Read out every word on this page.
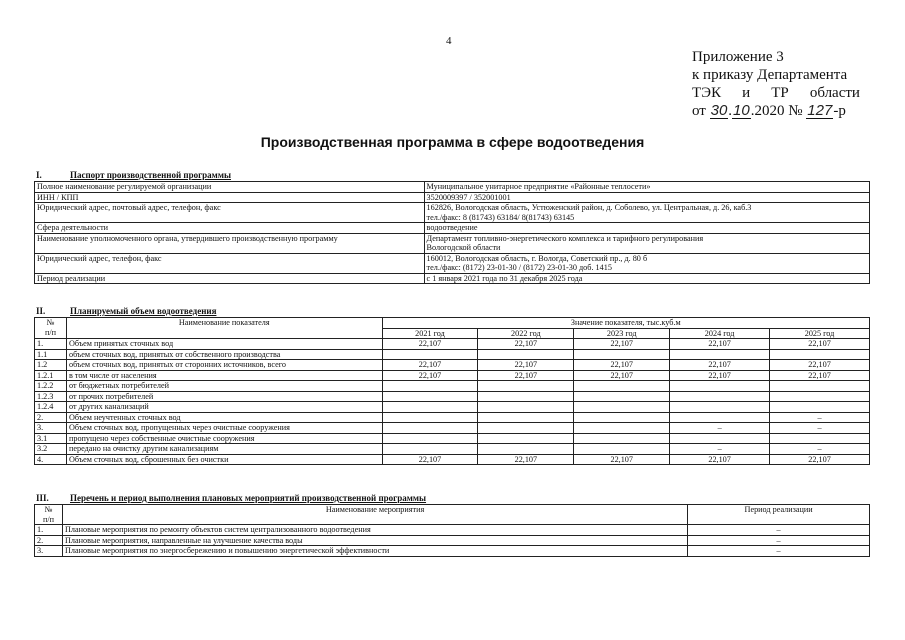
4
Приложение 3
к приказу Департамента
ТЭК и ТР области
от 30.10.2020 № 127-р
Производственная программа в сфере водоотведения
I.	Паспорт производственной программы
Полное наименование регулируемой организации	Муниципальное унитарное предприятие «Районные теплосети»
ИНН / КПП	3520009397 / 352001001
Юридический адрес, почтовый адрес, телефон, факс	162826, Вологодская область, Устюженский район, д. Соболево, ул. Центральная, д. 26, каб.3
тел./факс: 8 (81743) 63184/ 8(81743) 63145

Сфера деятельности	водоотведение
Наименование уполномоченного органа, утвердившего производственную программу	Департамент топливно-энергетического комплекса и тарифного регулирования
Вологодской области

Юридический адрес, телефон, факс	160012, Вологодская область, г. Вологда, Советский пр., д. 80 б
тел./факс: (8172) 23-01-30 / (8172) 23-01-30 доб. 1415

Период реализации	с 1 января 2021 года по 31 декабря 2025 года
II.	Планируемый объем водоотведения
№
п/п	Наименование показателя	Значение показателя, тыс.куб.м				
		2021 год	2022 год	2023 год	2024 год	2025 год
1.	Объем принятых сточных вод	22,107	22,107	22,107	22,107	22,107
1.1	объем сточных вод, принятых от собственного производства					
1.2	объем сточных вод, принятых от сторонних источников, всего	22,107	22,107	22,107	22,107	22,107
1.2.1	в том числе от населения	22,107	22,107	22,107	22,107	22,107
1.2.2	от бюджетных потребителей					
1.2.3	от прочих потребителей					
1.2.4	от других канализаций					
2.	Объем неучтенных сточных вод					–
3.	Объем сточных вод, пропущенных через очистные сооружения				–	–
3.1	пропущено через собственные очистные сооружения					
3.2	передано на очистку другим канализациям				–	–
4.	Объем сточных вод, сброшенных без очистки	22,107	22,107	22,107	22,107	22,107
III. Перечень и период выполнения плановых мероприятий производственной программы
№
п/п	Наименование мероприятия	Период реализации
1.	Плановые мероприятия по ремонту объектов систем централизованного водоотведения	–
2.	Плановые мероприятия, направленные на улучшение качества воды	–
3.	Плановые мероприятия по энергосбережению и повышению энергетической эффективности	–
